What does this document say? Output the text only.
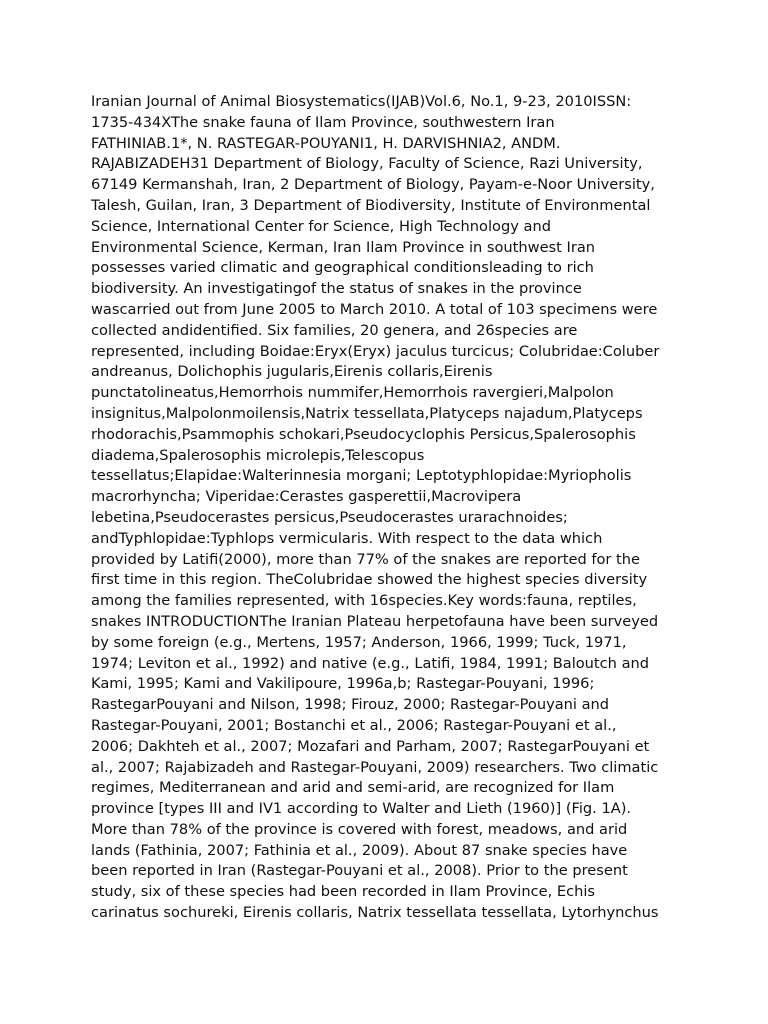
Iranian Journal of Animal Biosystematics(IJAB)Vol.6, No.1, 9-23, 2010ISSN:
1735-434XThe snake fauna of Ilam Province, southwestern Iran
FATHINIAB.1*, N. RASTEGAR-POUYANI1, H. DARVISHNIA2, ANDM.
RAJABIZADEH31 Department of Biology, Faculty of Science, Razi University,
67149 Kermanshah, Iran, 2 Department of Biology, Payam-e-Noor University,
Talesh, Guilan, Iran, 3 Department of Biodiversity, Institute of Environmental
Science, International Center for Science, High Technology and
Environmental Science, Kerman, Iran Ilam Province in southwest Iran
possesses varied climatic and geographical conditionsleading to rich
biodiversity. An investigatingof the status of snakes in the province
wascarried out from June 2005 to March 2010. A total of 103 specimens were
collected andidentified. Six families, 20 genera, and 26species are
represented, including Boidae:Eryx(Eryx) jaculus turcicus; Colubridae:Coluber
andreanus, Dolichophis jugularis,Eirenis collaris,Eirenis
punctatolineatus,Hemorrhois nummifer,Hemorrhois ravergieri,Malpolon
insignitus,Malpolonmoilensis,Natrix tessellata,Platyceps najadum,Platyceps
rhodorachis,Psammophis schokari,Pseudocyclophis Persicus,Spalerosophis
diadema,Spalerosophis microlepis,Telescopus
tessellatus;Elapidae:Walterinnesia morgani; Leptotyphlopidae:Myriopholis
macrorhyncha; Viperidae:Cerastes gasperettii,Macrovipera
lebetina,Pseudocerastes persicus,Pseudocerastes urarachnoides;
andTyphlopidae:Typhlops vermicularis. With respect to the data which
provided by Latifi(2000), more than 77% of the snakes are reported for the
first time in this region. TheColubridae showed the highest species diversity
among the families represented, with 16species.Key words:fauna, reptiles,
snakes INTRODUCTIONThe Iranian Plateau herpetofauna have been surveyed
by some foreign (e.g., Mertens, 1957; Anderson, 1966, 1999; Tuck, 1971,
1974; Leviton et al., 1992) and native (e.g., Latifi, 1984, 1991; Baloutch and
Kami, 1995; Kami and Vakilipoure, 1996a,b; Rastegar-Pouyani, 1996;
RastegarPouyani and Nilson, 1998; Firouz, 2000; Rastegar-Pouyani and
Rastegar-Pouyani, 2001; Bostanchi et al., 2006; Rastegar-Pouyani et al.,
2006; Dakhteh et al., 2007; Mozafari and Parham, 2007; RastegarPouyani et
al., 2007; Rajabizadeh and Rastegar-Pouyani, 2009) researchers. Two climatic
regimes, Mediterranean and arid and semi-arid, are recognized for Ilam
province [types III and IV1 according to Walter and Lieth (1960)] (Fig. 1A).
More than 78% of the province is covered with forest, meadows, and arid
lands (Fathinia, 2007; Fathinia et al., 2009). About 87 snake species have
been reported in Iran (Rastegar-Pouyani et al., 2008). Prior to the present
study, six of these species had been recorded in Ilam Province, Echis
carinatus sochureki, Eirenis collaris, Natrix tessellata tessellata, Lytorhynchus
